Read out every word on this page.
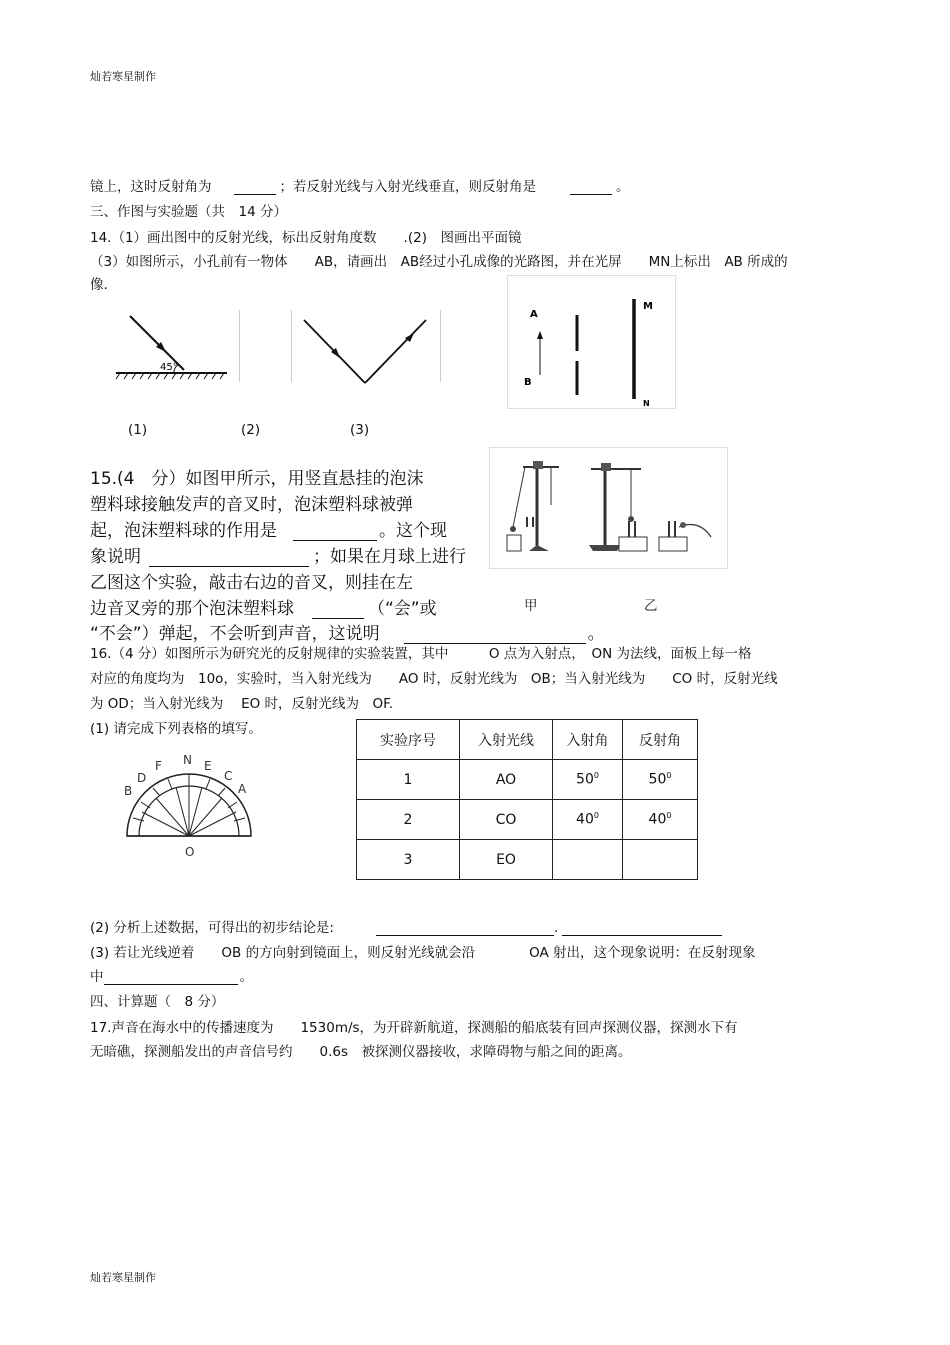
灿若寒星制作
镜上，这时反射角为	；若反射光线与入射光线垂直，则反射角是	。
三、作图与实验题（共　14 分）
14.（1）画出图中的反射光线，标出反射角度数　　.(2)　图画出平面镜
（3）如图所示，小孔前有一物体　　AB，请画出　AB经过小孔成像的光路图，并在光屏　　MN上标出　AB 所成的
像.
45°
A
B
M
N
(1)	(2)	(3)
15.(4　分）如图甲所示，用竖直悬挂的泡沫
塑料球接触发声的音叉时，泡沫塑料球被弹
起，泡沫塑料球的作用是	。这个现
象说明	；如果在月球上进行
乙图这个实验，敲击右边的音叉，则挂在左
边音叉旁的那个泡沫塑料球	（“会”或	甲	乙
“不会”）弹起，不会听到声音，这说明	。
16.（4 分）如图所示为研究光的反射规律的实验装置，其中　　　O 点为入射点，　ON 为法线，面板上每一格
对应的角度均为　10o，实验时，当入射光线为　　AO 时，反射光线为　OB；当入射光线为　　CO 时，反射光线
为 OD；当入射光线为　 EO 时，反射光线为　OF.
(1) 请完成下列表格的填写。
B
D
F N E
C
A
O
实验序号	入射光线	入射角	反射角
1	AO	$50^0$	$50^0$
2	CO	$40^0$	$40^0$
3	EO		
(2) 分析上述数据，可得出的初步结论是:	.
(3) 若让光线逆着　　OB 的方向射到镜面上，则反射光线就会沿　　　　OA 射出，这个现象说明：在反射现象
中	。
四、计算题（　8 分）
17.声音在海水中的传播速度为　　1530m/s，为开辟新航道，探测船的船底装有回声探测仪器，探测水下有
无暗礁，探测船发出的声音信号约　　0.6s　被探测仪器接收，求障碍物与船之间的距离。
灿若寒星制作
